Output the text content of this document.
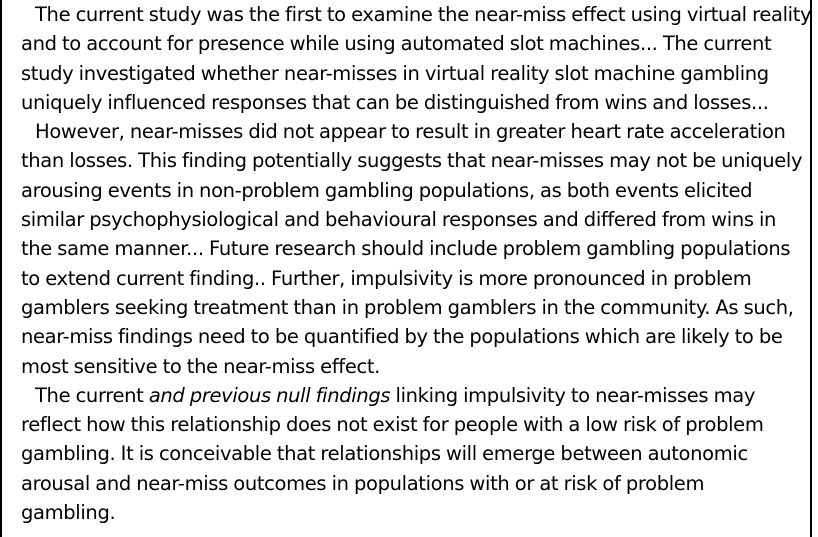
The current study was the first to examine the near-miss effect using virtual reality
and to account for presence while using automated slot machines... The current
study investigated whether near-misses in virtual reality slot machine gambling
uniquely influenced responses that can be distinguished from wins and losses...
However, near-misses did not appear to result in greater heart rate acceleration
than losses. This finding potentially suggests that near-misses may not be uniquely
arousing events in non-problem gambling populations, as both events elicited
similar psychophysiological and behavioural responses and differed from wins in
the same manner... Future research should include problem gambling populations
to extend current finding.. Further, impulsivity is more pronounced in problem
gamblers seeking treatment than in problem gamblers in the community. As such,
near-miss findings need to be quantified by the populations which are likely to be
most sensitive to the near-miss effect.
The current and previous null findings linking impulsivity to near-misses may
reflect how this relationship does not exist for people with a low risk of problem
gambling. It is conceivable that relationships will emerge between autonomic
arousal and near-miss outcomes in populations with or at risk of problem
gambling.
